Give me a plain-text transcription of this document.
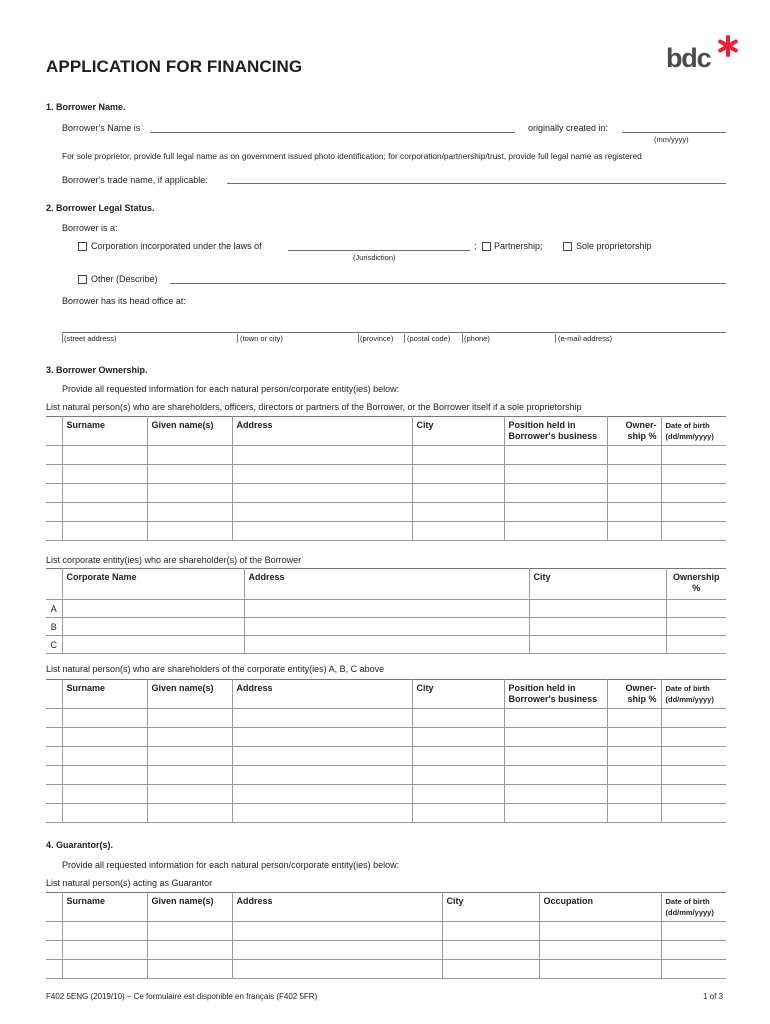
APPLICATION FOR FINANCING	bdc
1. Borrower Name.
Borrower's Name is	originally created in:
(mm/yyyy)
For sole proprietor, provide full legal name as on government issued photo identification; for corporation/partnership/trust, provide full legal name as registered
Borrower's trade name, if applicable:
2. Borrower Legal Status.
Borrower is a:
Corporation incorporated under the laws of
(Jurisdiction)
; Partnership;	Sole proprietorship
Other (Describe)
Borrower has its head office at:
(street address)	(town or city)	(province) (postal code) (phone)	(e-mail address)
3. Borrower Ownership.
Provide all requested information for each natural person/corporate entity(ies) below:
List natural person(s) who are shareholders, officers, directors or partners of the Borrower, or the Borrower itself if a sole proprietorship
	Surname	Given name(s)	Address	City	Position held in Borrower's business	Owner-ship %	Date of birth (dd/mm/yyyy)

List corporate entity(ies) who are shareholder(s) of the Borrower
	Corporate Name	Address	City	Ownership %
A				
B				
C				
List natural person(s) who are shareholders of the corporate entity(ies) A, B, C above
	Surname	Given name(s)	Address	City	Position held in Borrower's business	Owner-ship %	Date of birth (dd/mm/yyyy)

4. Guarantor(s).
Provide all requested information for each natural person/corporate entity(ies) below:
List natural person(s) acting as Guarantor
	Surname	Given name(s)	Address	City	Occupation	Date of birth (dd/mm/yyyy)

F402 5ENG (2019/10) – Ce formulaire est disponible en français (F402 5FR)	1 of 3
